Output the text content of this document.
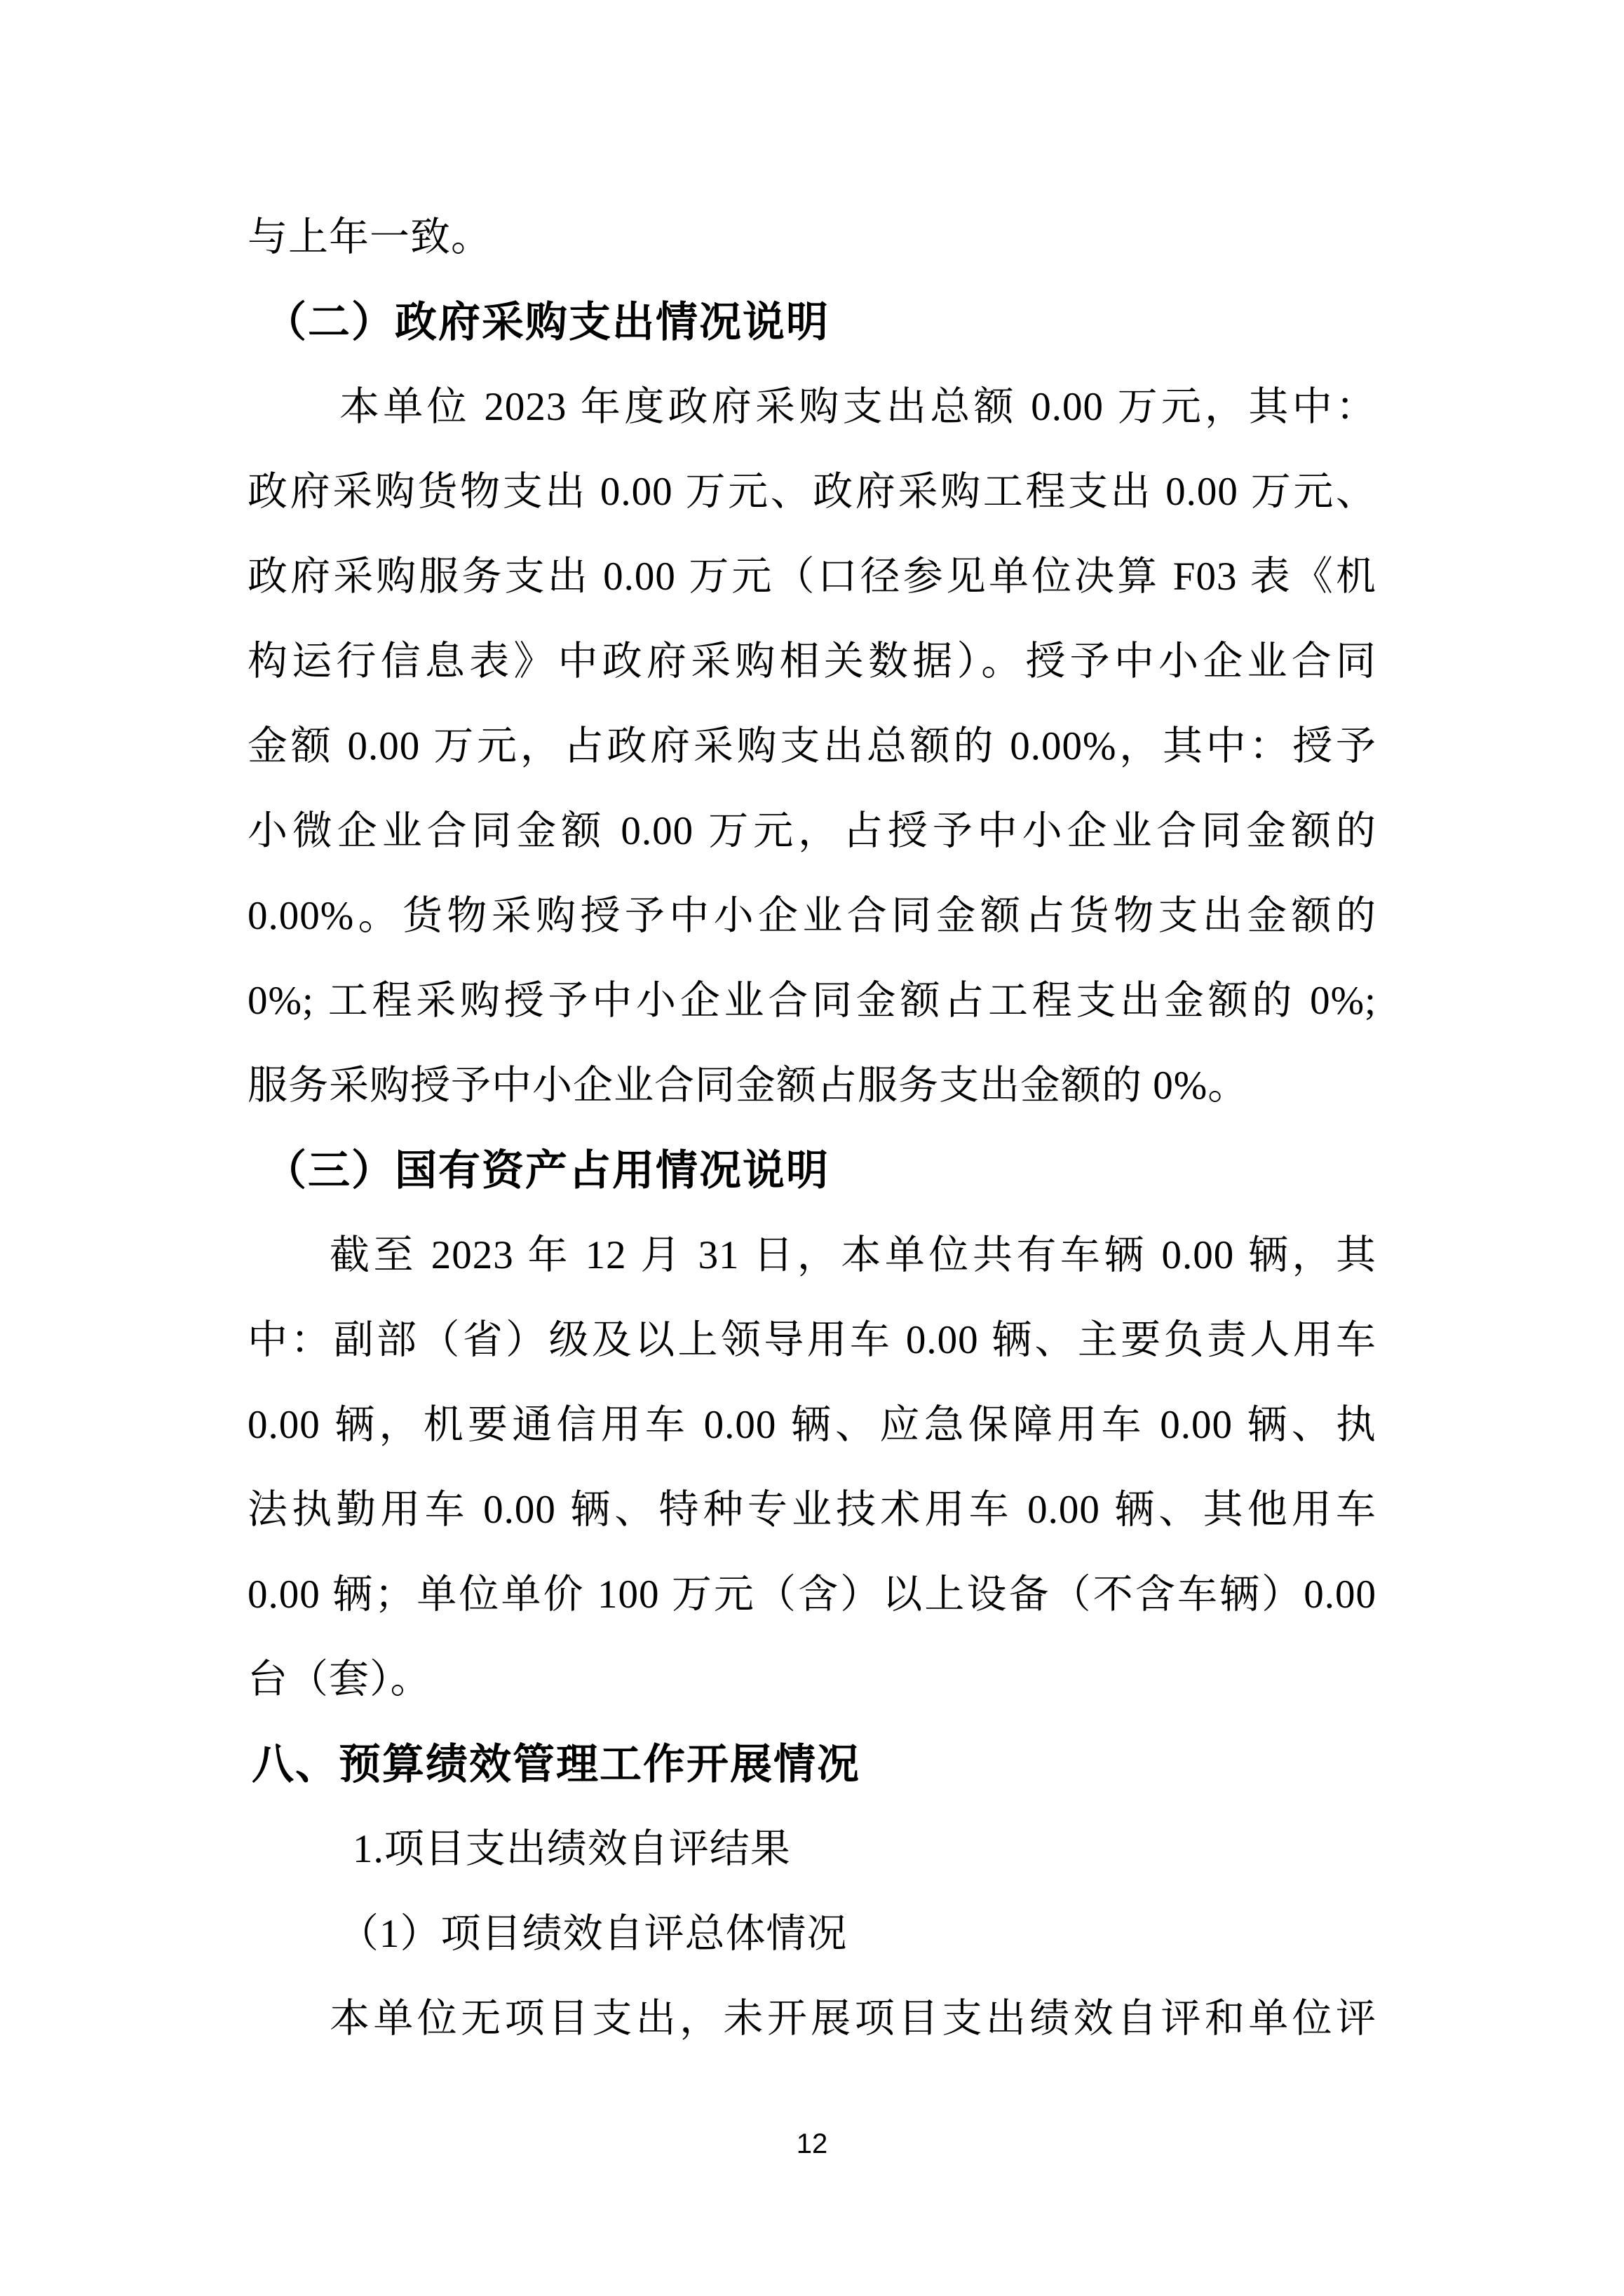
与上年一致。
（二）政府采购支出情况说明
本单位 2023 年度政府采购支出总额 0.00 万元，其中：
政府采购货物支出 0.00 万元、政府采购工程支出 0.00 万元、
政府采购服务支出 0.00 万元（口径参见单位决算 F03 表《机
构运行信息表》中政府采购相关数据）。授予中小企业合同
金额 0.00 万元，占政府采购支出总额的 0.00%，其中：授予
小微企业合同金额 0.00 万元，占授予中小企业合同金额的
0.00%。货物采购授予中小企业合同金额占货物支出金额的
0%; 工程采购授予中小企业合同金额占工程支出金额的 0%;
服务采购授予中小企业合同金额占服务支出金额的 0%。
（三）国有资产占用情况说明
截至 2023 年 12 月 31 日，本单位共有车辆 0.00 辆，其
中：副部（省）级及以上领导用车 0.00 辆、主要负责人用车
0.00 辆，机要通信用车 0.00 辆、应急保障用车 0.00 辆、执
法执勤用车 0.00 辆、特种专业技术用车 0.00 辆、其他用车
0.00 辆；单位单价 100 万元（含）以上设备（不含车辆）0.00
台（套）。
八、预算绩效管理工作开展情况
1.项目支出绩效自评结果
（1）项目绩效自评总体情况
本单位无项目支出，未开展项目支出绩效自评和单位评
12
